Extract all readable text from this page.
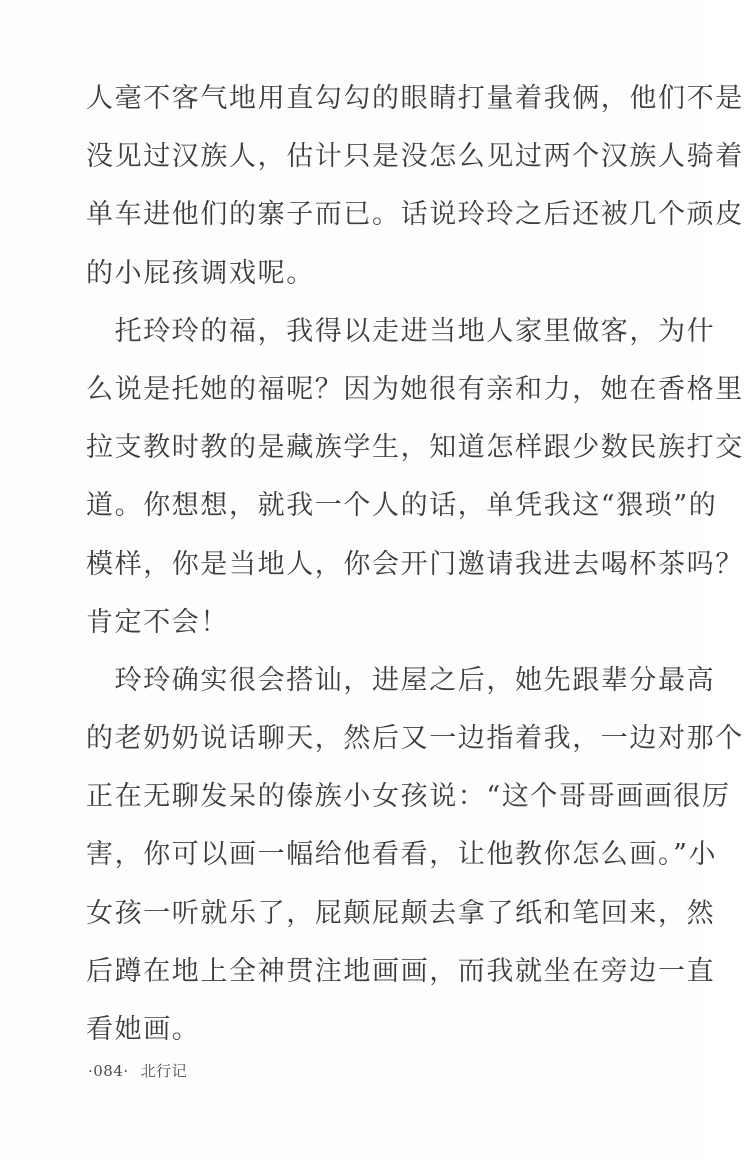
人毫不客气地用直勾勾的眼睛打量着我俩，他们不是
没见过汉族人，估计只是没怎么见过两个汉族人骑着
单车进他们的寨子而已。话说玲玲之后还被几个顽皮
的小屁孩调戏呢。
　托玲玲的福，我得以走进当地人家里做客，为什
么说是托她的福呢？因为她很有亲和力，她在香格里
拉支教时教的是藏族学生，知道怎样跟少数民族打交
道。你想想，就我一个人的话，单凭我这“猥琐”的
模样，你是当地人，你会开门邀请我进去喝杯茶吗？
肯定不会！
　玲玲确实很会搭讪，进屋之后，她先跟辈分最高
的老奶奶说话聊天，然后又一边指着我，一边对那个
正在无聊发呆的傣族小女孩说：“这个哥哥画画很厉
害，你可以画一幅给他看看，让他教你怎么画。”小
女孩一听就乐了，屁颠屁颠去拿了纸和笔回来，然
后蹲在地上全神贯注地画画，而我就坐在旁边一直
看她画。
·084· 北行记
